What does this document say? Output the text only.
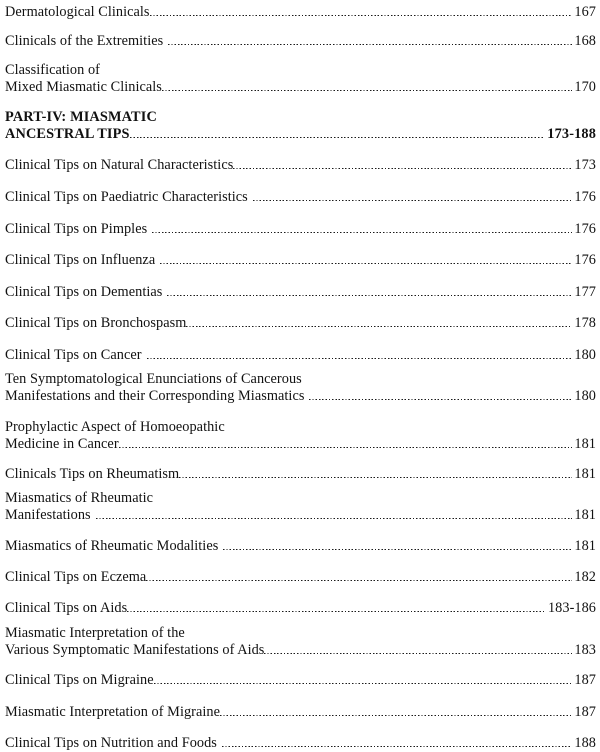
Dermatological Clinicals	167
Clinicals of the Extremities	168
Classification of
Mixed Miasmatic Clinicals	170
PART-IV: MIASMATIC
ANCESTRAL TIPS	173-188
Clinical Tips on Natural Characteristics	173
Clinical Tips on Paediatric Characteristics	176
Clinical Tips on Pimples	176
Clinical Tips on Influenza	176
Clinical Tips on Dementias	177
Clinical Tips on Bronchospasm	178
Clinical Tips on Cancer	180
Ten Symptomatological Enunciations of Cancerous
Manifestations and their Corresponding Miasmatics	180
Prophylactic Aspect of Homoeopathic
Medicine in Cancer	181
Clinicals Tips on Rheumatism	181
Miasmatics of Rheumatic
Manifestations	181
Miasmatics of Rheumatic Modalities	181
Clinical Tips on Eczema	182
Clinical Tips on Aids	183-186
Miasmatic Interpretation of the
Various Symptomatic Manifestations of Aids	183
Clinical Tips on Migraine	187
Miasmatic Interpretation of Migraine	187
Clinical Tips on Nutrition and Foods	188
